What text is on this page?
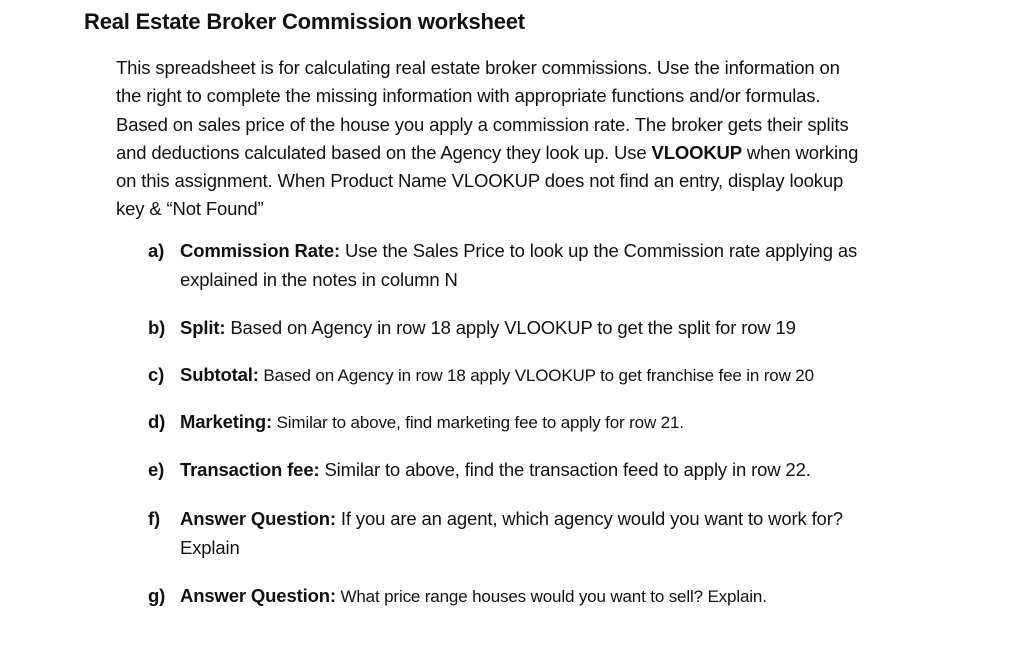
Real Estate Broker Commission worksheet

This spreadsheet is for calculating real estate broker commissions. Use the information on

the right to complete the missing information with appropriate functions and/or formulas.

Based on sales price of the house you apply a commission rate. The broker gets their splits

and deductions calculated based on the Agency they look up. Use VLOOKUP when working

on this assignment. When Product Name VLOOKUP does not find an entry, display lookup

key & “Not Found”

a) Commission Rate: Use the Sales Price to look up the Commission rate applying as
explained in the notes in column N
b) Split: Based on Agency in row 18 apply VLOOKUP to get the split for row 19
c) Subtotal: Based on Agency in row 18 apply VLOOKUP to get franchise fee in row 20
d) Marketing: Similar to above, find marketing fee to apply for row 21.
e) Transaction fee: Similar to above, find the transaction feed to apply in row 22.
f) Answer Question: If you are an agent, which agency would you want to work for?
Explain
g) Answer Question: What price range houses would you want to sell? Explain.
